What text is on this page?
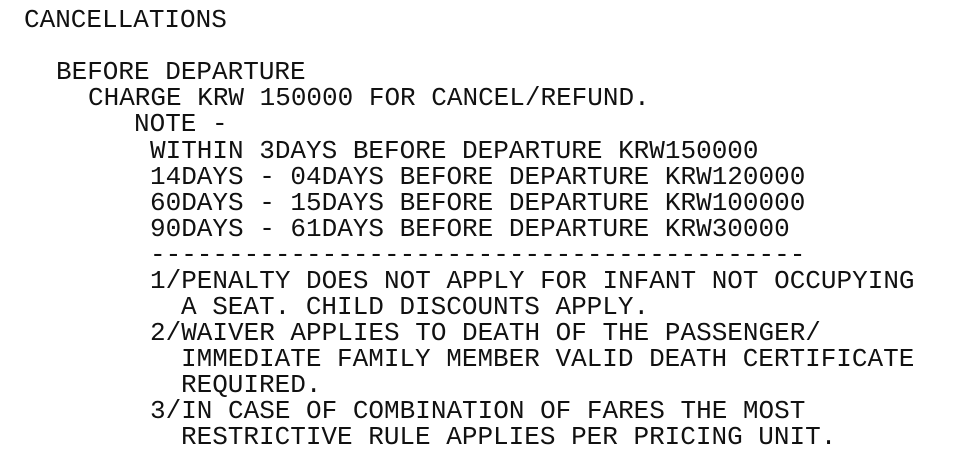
CANCELLATIONS
BEFORE DEPARTURE
CHARGE KRW 150000 FOR CANCEL/REFUND.
NOTE -
WITHIN 3DAYS BEFORE DEPARTURE KRW150000
14DAYS - 04DAYS BEFORE DEPARTURE KRW120000
60DAYS - 15DAYS BEFORE DEPARTURE KRW100000
90DAYS - 61DAYS BEFORE DEPARTURE KRW30000
------------------------------------------
1/PENALTY DOES NOT APPLY FOR INFANT NOT OCCUPYING
A SEAT. CHILD DISCOUNTS APPLY.
2/WAIVER APPLIES TO DEATH OF THE PASSENGER/
IMMEDIATE FAMILY MEMBER VALID DEATH CERTIFICATE
REQUIRED.
3/IN CASE OF COMBINATION OF FARES THE MOST
RESTRICTIVE RULE APPLIES PER PRICING UNIT.
